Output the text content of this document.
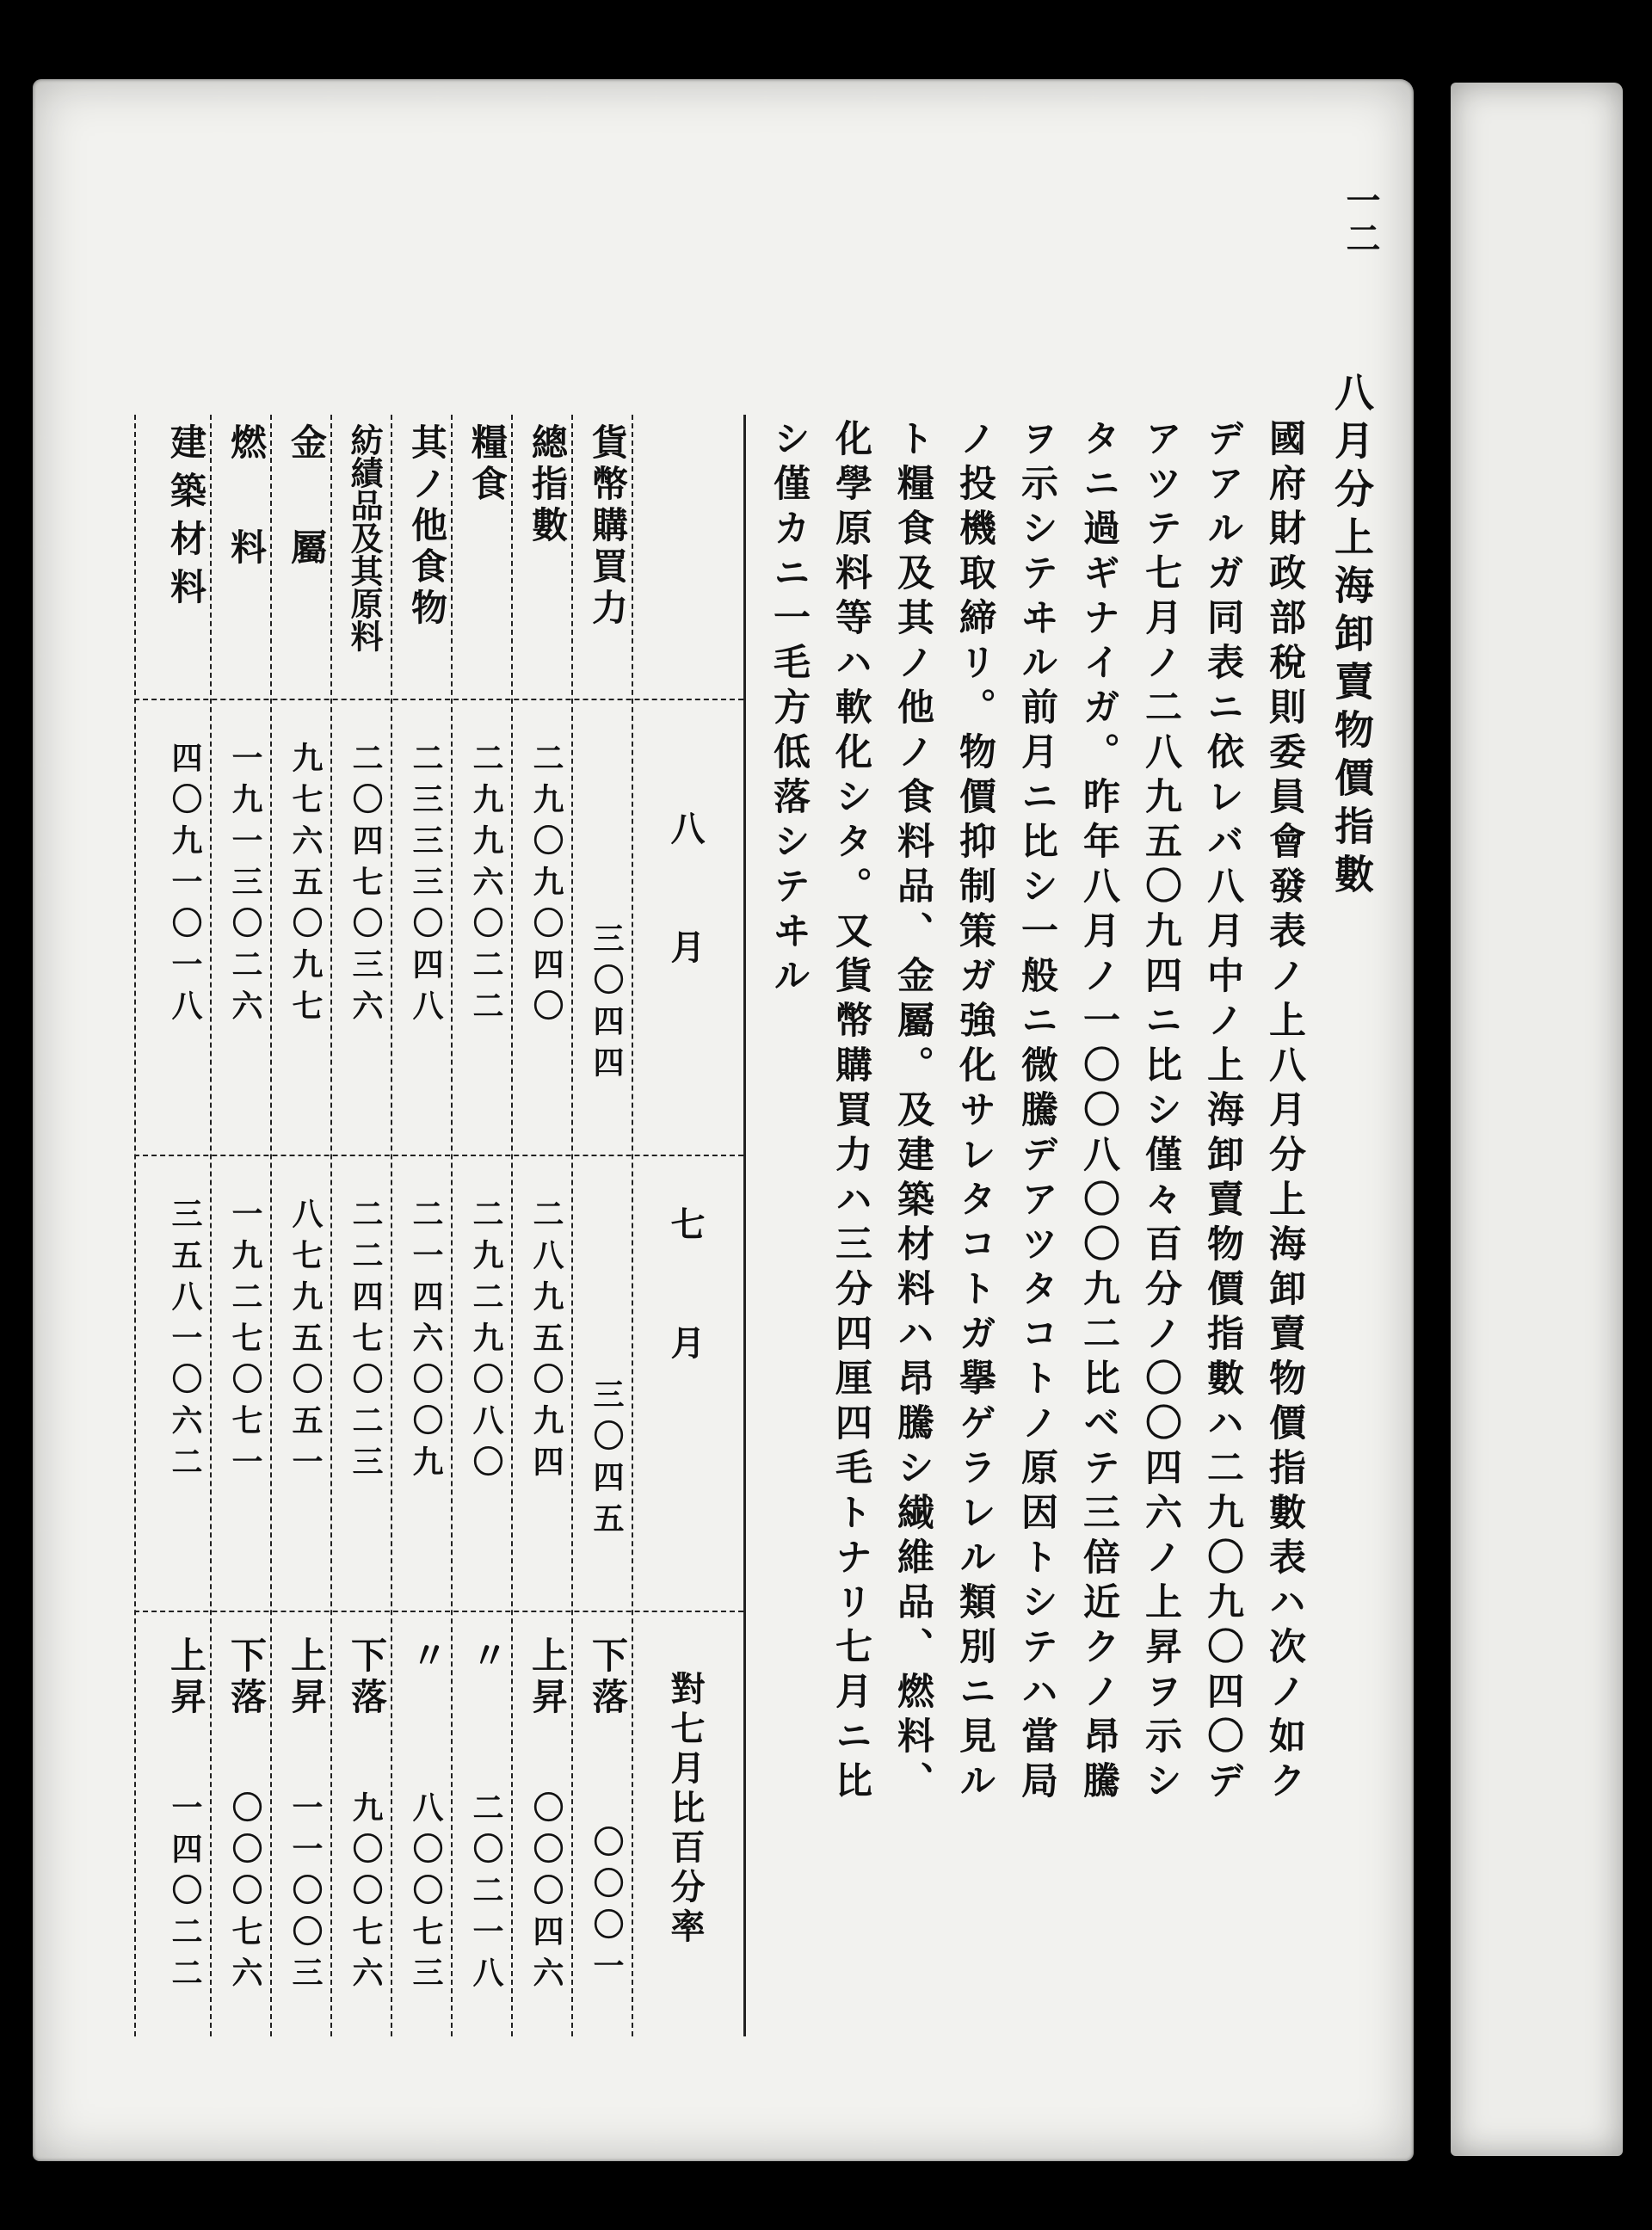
一二
八月分上海卸賣物價指數
國府財政部稅則委員會發表ノ上八月分上海卸賣物價指數表ハ次ノ如ク
デアルガ同表ニ依レバ八月中ノ上海卸賣物價指數ハ二九〇九〇四〇デ
アツテ七月ノ二八九五〇九四ニ比シ僅々百分ノ〇〇四六ノ上昇ヲ示シ
タニ過ギナイガ。昨年八月ノ一〇〇八〇〇九二比ベテ三倍近クノ昂騰
ヲ示シテヰル前月ニ比シ一般ニ微騰デアツタコトノ原因トシテハ當局
ノ投機取締リ。物價抑制策ガ強化サレタコトガ擧ゲラレル類別ニ見ル
ト糧食及其ノ他ノ食料品、金屬。及建築材料ハ昂騰シ繊維品、燃料、
化學原料等ハ軟化シタ。又貨幣購買力ハ三分四厘四毛トナリ七月ニ比
シ僅カニ一毛方低落シテヰル
八　　月
七　　月
對七月比百分率
貨幣購買力
三〇四四
三〇四五
下落
〇〇〇一
總指數
二九〇九〇四〇
二八九五〇九四
上昇
〇〇〇四六
糧食
二九九六〇二二
二九二九〇八〇
〃
二〇二一八
其ノ他食物
二三三三〇四八
二一四六〇〇九
〃
八〇〇七三
紡績品及其原料
二〇四七〇三六
二二四七〇二三
下落
九〇〇七六
金屬
九七六五〇九七
八七九五〇五一
上昇
一一〇〇三
燃料
一九一三〇二六
一九二七〇七一
下落
〇〇〇七六
建築材料
四〇九一〇一八
三五八一〇六二
上昇
一四〇二二
